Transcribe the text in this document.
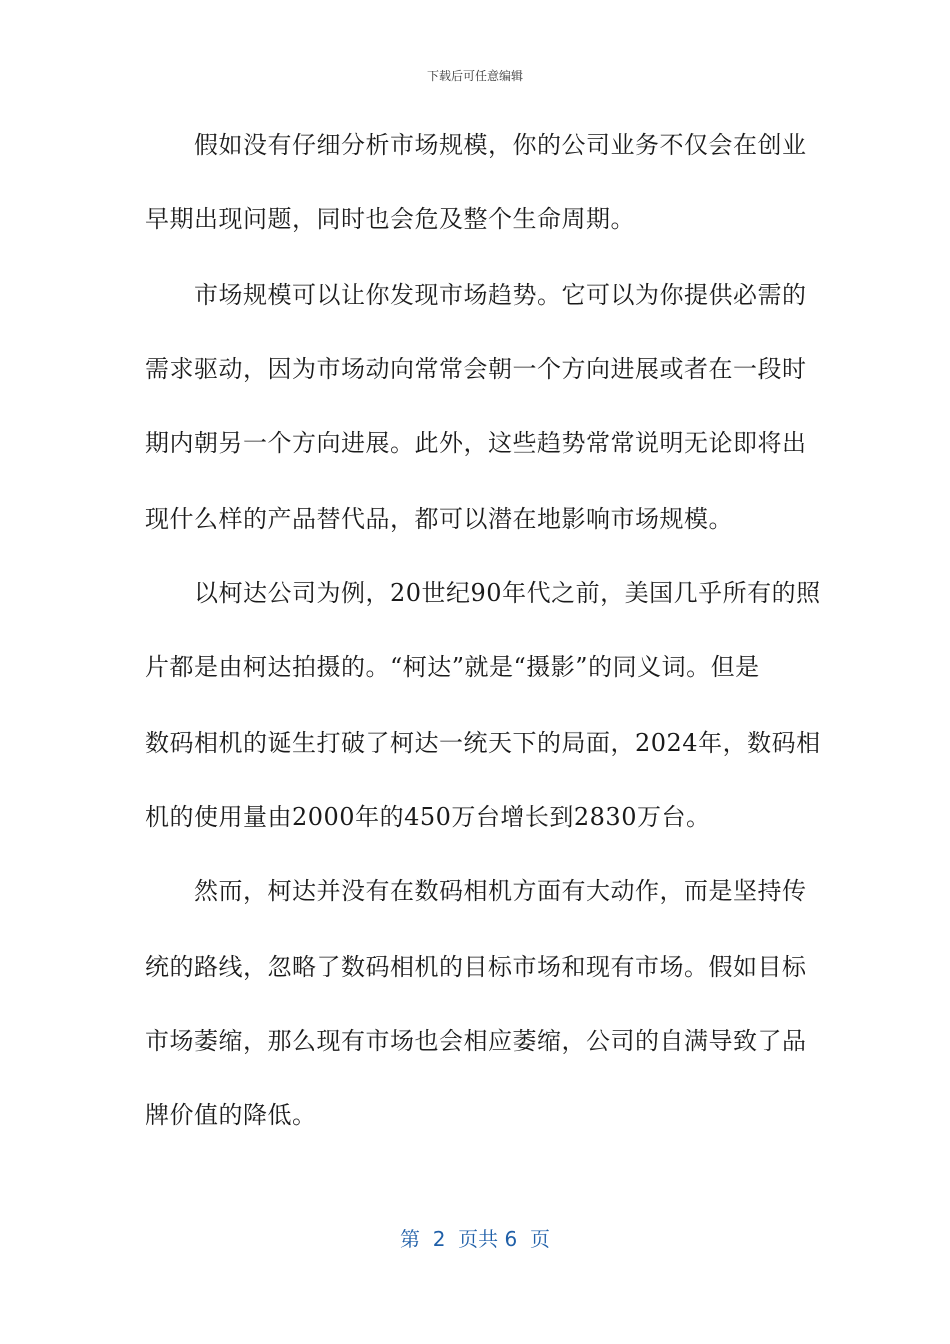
下载后可任意编辑
　　假如没有仔细分析市场规模，你的公司业务不仅会在创业
早期出现问题，同时也会危及整个生命周期。
　　市场规模可以让你发现市场趋势。它可以为你提供必需的
需求驱动，因为市场动向常常会朝一个方向进展或者在一段时
期内朝另一个方向进展。此外，这些趋势常常说明无论即将出
现什么样的产品替代品，都可以潜在地影响市场规模。
　　以柯达公司为例，20世纪90年代之前，美国几乎所有的照
片都是由柯达拍摄的。“柯达”就是“摄影”的同义词。但是
数码相机的诞生打破了柯达一统天下的局面，2024年，数码相
机的使用量由2000年的450万台增长到2830万台。
　　然而，柯达并没有在数码相机方面有大动作，而是坚持传
统的路线，忽略了数码相机的目标市场和现有市场。假如目标
市场萎缩，那么现有市场也会相应萎缩，公司的自满导致了品
牌价值的降低。
第  2  页共 6  页
